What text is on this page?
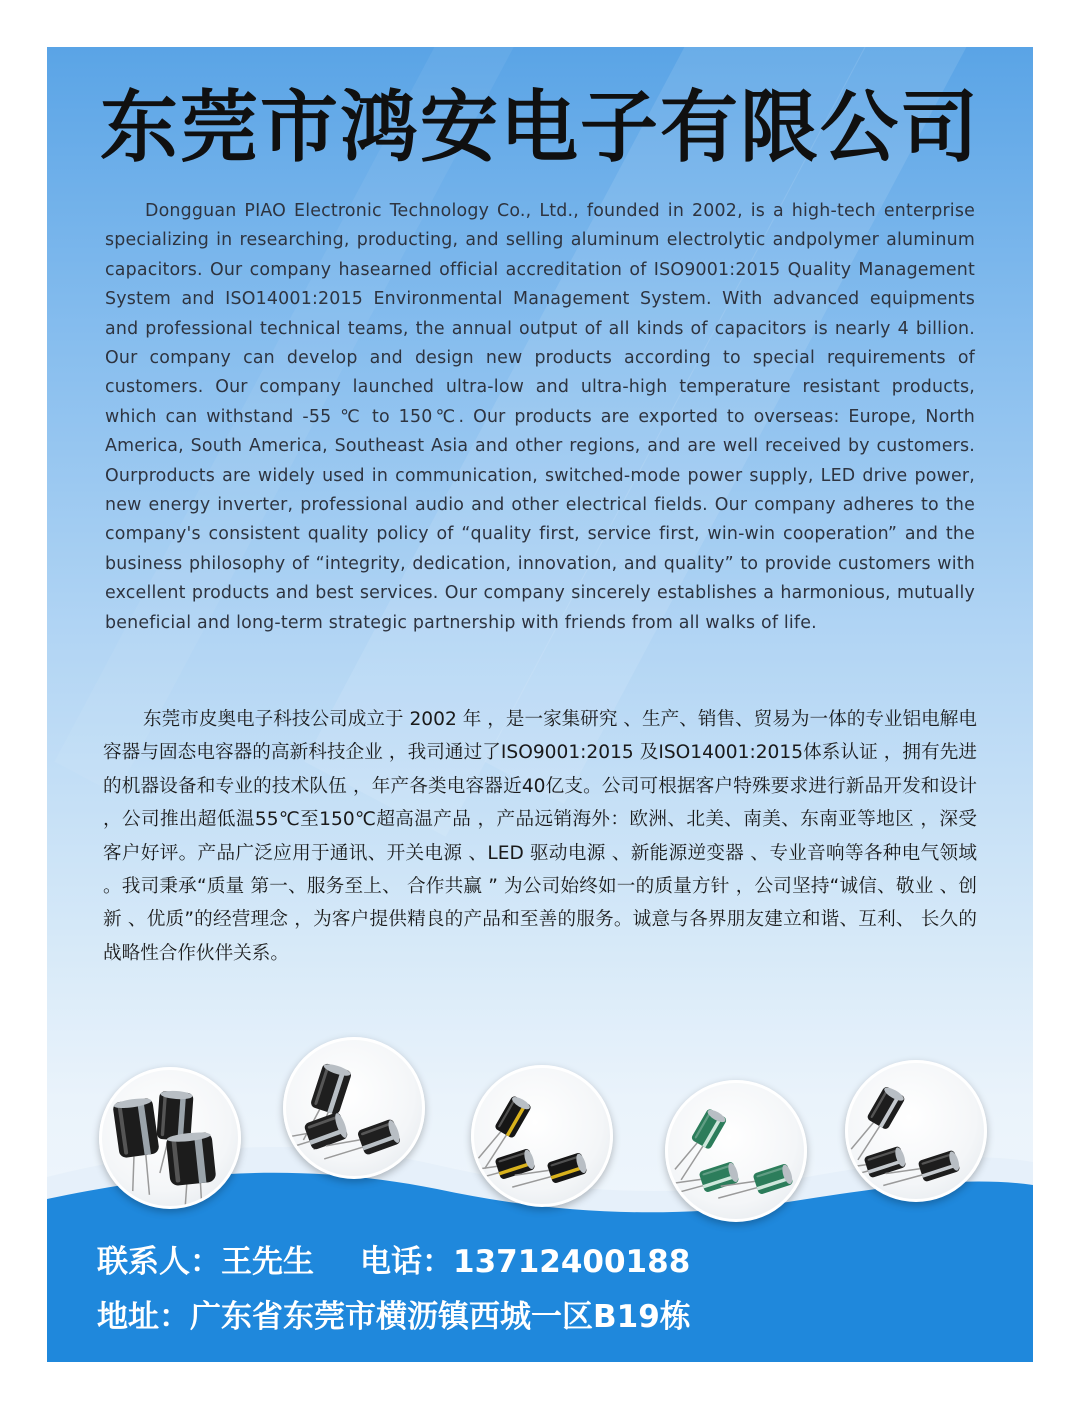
东莞市鸿安电子有限公司

Dongguan PIAO Electronic Technology Co., Ltd., founded in 2002, is a high-tech enterprise specializing in researching, producting, and selling aluminum electrolytic andpolymer aluminum capacitors. Our company hasearned official accreditation of ISO9001:2015 Quality Management System and ISO14001:2015 Environmental Management System. With advanced equipments and professional technical teams, the annual output of all kinds of capacitors is nearly 4 billion. Our company can develop and design new products according to special requirements of customers. Our company launched ultra-low and ultra-high temperature resistant products, which can withstand -55 ℃ to 150℃. Our products are exported to overseas: Europe, North America, South America, Southeast Asia and other regions, and are well received by customers. Ourproducts are widely used in communication, switched-mode power supply, LED drive power, new energy inverter, professional audio and other electrical fields. Our company adheres to the company's consistent quality policy of “quality first, service first, win-win cooperation” and the business philosophy of “integrity, dedication, innovation, and quality” to provide customers with excellent products and best services. Our company sincerely establishes a harmonious, mutually beneficial and long-term strategic partnership with friends from all walks of life.

东莞市皮奥电子科技公司成立于 2002 年 ，是一家集研究 、生产、销售、贸易为一体的专业铝电解电容器与固态电容器的高新科技企业 ，我司通过了ISO9001:2015 及ISO14001:2015体系认证 ，拥有先进的机器设备和专业的技术队伍 ，年产各类电容器近40亿支。公司可根据客户特殊要求进行新品开发和设计 ，公司推出超低温55℃至150℃超高温产品 ，产品远销海外：欧洲、北美、南美、东南亚等地区 ，深受客户好评。产品广泛应用于通讯、开关电源 、LED 驱动电源 、新能源逆变器 、专业音响等各种电气领域 。我司秉承“质量 第一、服务至上、 合作共赢 ” 为公司始终如一的质量方针 ，公司坚持“诚信、敬业 、创新 、优质”的经营理念 ，为客户提供精良的产品和至善的服务。诚意与各界朋友建立和谐、互利、 长久的战略性合作伙伴关系。

联系人：王先生 电话：13712400188

地址：广东省东莞市横沥镇西城一区B19栋
